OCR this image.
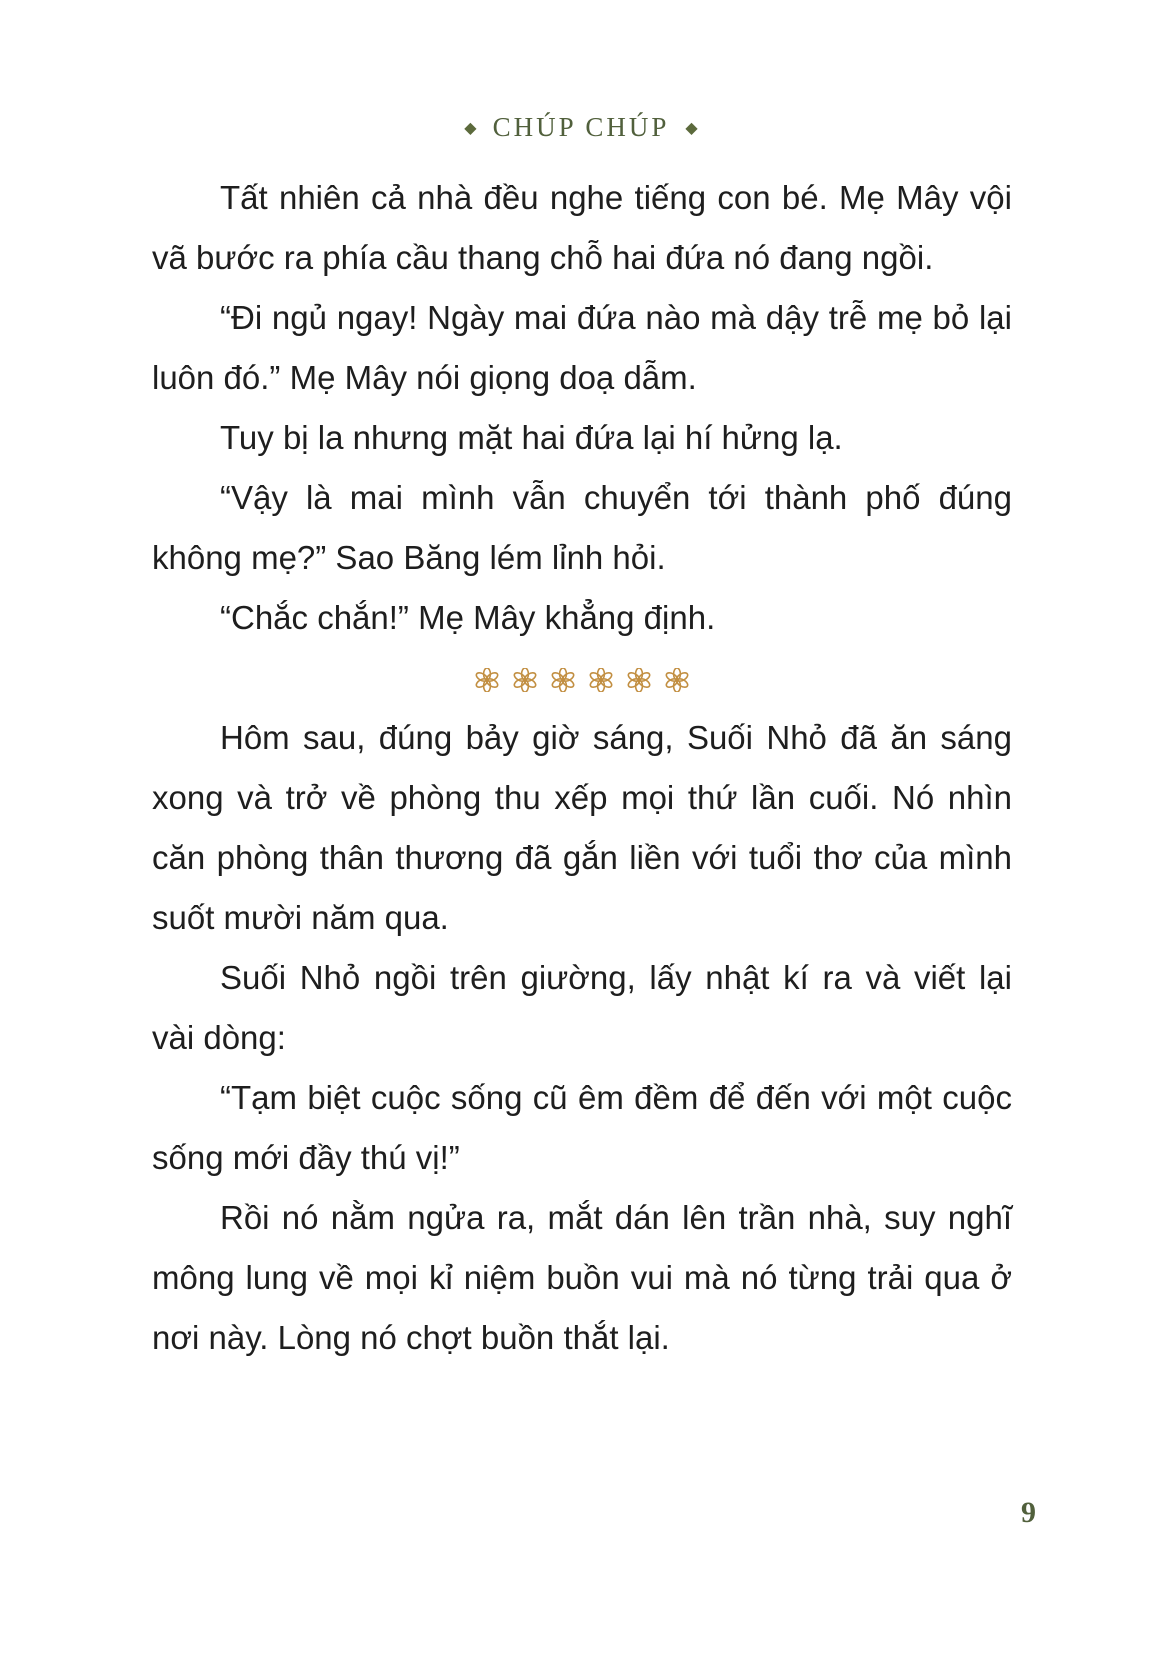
◆ CHÚP CHÚP ◆

Tất nhiên cả nhà đều nghe tiếng con bé. Mẹ Mây vội vã bước ra phía cầu thang chỗ hai đứa nó đang ngồi.

“Đi ngủ ngay! Ngày mai đứa nào mà dậy trễ mẹ bỏ lại luôn đó.” Mẹ Mây nói giọng doạ dẫm.

Tuy bị la nhưng mặt hai đứa lại hí hửng lạ.

“Vậy là mai mình vẫn chuyển tới thành phố đúng không mẹ?” Sao Băng lém lỉnh hỏi.

“Chắc chắn!” Mẹ Mây khẳng định.

Hôm sau, đúng bảy giờ sáng, Suối Nhỏ đã ăn sáng xong và trở về phòng thu xếp mọi thứ lần cuối. Nó nhìn căn phòng thân thương đã gắn liền với tuổi thơ của mình suốt mười năm qua.

Suối Nhỏ ngồi trên giường, lấy nhật kí ra và viết lại vài dòng:

“Tạm biệt cuộc sống cũ êm đềm để đến với một cuộc sống mới đầy thú vị!”

Rồi nó nằm ngửa ra, mắt dán lên trần nhà, suy nghĩ mông lung về mọi kỉ niệm buồn vui mà nó từng trải qua ở nơi này. Lòng nó chợt buồn thắt lại.

9
